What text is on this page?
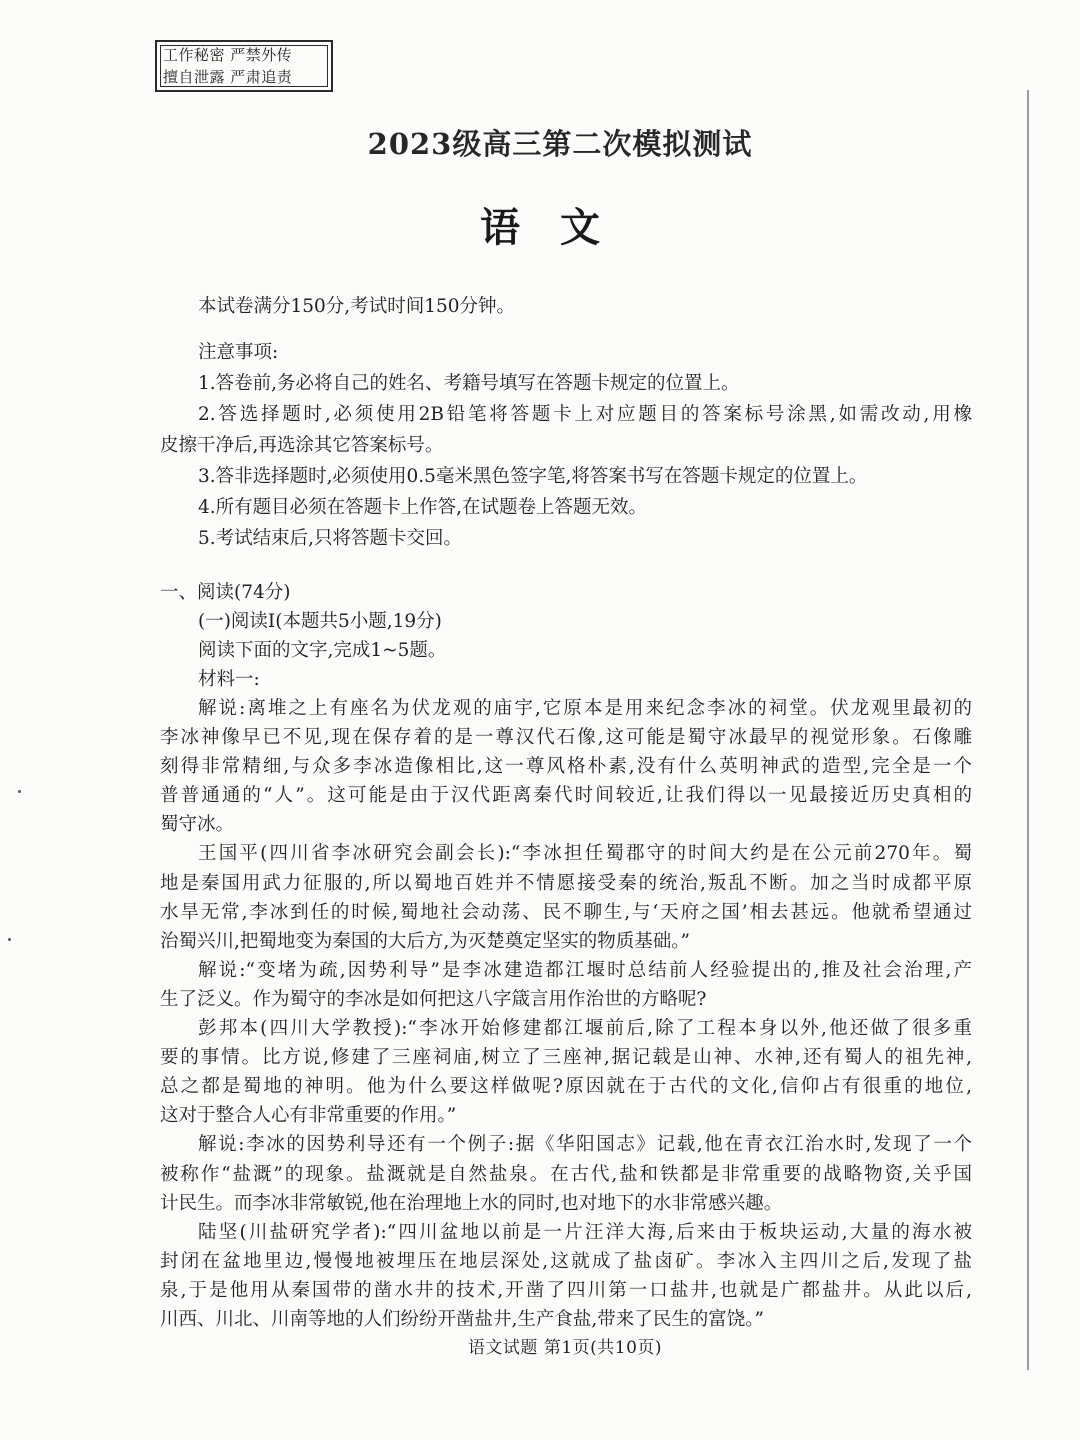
工作秘密 严禁外传
擅自泄露 严肃追责
2023级高三第二次模拟测试
语文
本试卷满分150分,考试时间150分钟。
注意事项:
1.答卷前,务必将自己的姓名、考籍号填写在答题卡规定的位置上。
2.答选择题时,必须使用2B铅笔将答题卡上对应题目的答案标号涂黑,如需改动,用橡
皮擦干净后,再选涂其它答案标号。
3.答非选择题时,必须使用0.5毫米黑色签字笔,将答案书写在答题卡规定的位置上。
4.所有题目必须在答题卡上作答,在试题卷上答题无效。
5.考试结束后,只将答题卡交回。
一、阅读(74分)
(一)阅读Ⅰ(本题共5小题,19分)
阅读下面的文字,完成1~5题。
材料一:
解说:离堆之上有座名为伏龙观的庙宇,它原本是用来纪念李冰的祠堂。伏龙观里最初的
李冰神像早已不见,现在保存着的是一尊汉代石像,这可能是蜀守冰最早的视觉形象。石像雕
刻得非常精细,与众多李冰造像相比,这一尊风格朴素,没有什么英明神武的造型,完全是一个
普普通通的“人”。这可能是由于汉代距离秦代时间较近,让我们得以一见最接近历史真相的
蜀守冰。
王国平(四川省李冰研究会副会长):“李冰担任蜀郡守的时间大约是在公元前270年。蜀
地是秦国用武力征服的,所以蜀地百姓并不情愿接受秦的统治,叛乱不断。加之当时成都平原
水旱无常,李冰到任的时候,蜀地社会动荡、民不聊生,与‘天府之国’相去甚远。他就希望通过
治蜀兴川,把蜀地变为秦国的大后方,为灭楚奠定坚实的物质基础。”
解说:“变堵为疏,因势利导”是李冰建造都江堰时总结前人经验提出的,推及社会治理,产
生了泛义。作为蜀守的李冰是如何把这八字箴言用作治世的方略呢?
彭邦本(四川大学教授):“李冰开始修建都江堰前后,除了工程本身以外,他还做了很多重
要的事情。比方说,修建了三座祠庙,树立了三座神,据记载是山神、水神,还有蜀人的祖先神,
总之都是蜀地的神明。他为什么要这样做呢?原因就在于古代的文化,信仰占有很重的地位,
这对于整合人心有非常重要的作用。”
解说:李冰的因势利导还有一个例子:据《华阳国志》记载,他在青衣江治水时,发现了一个
被称作“盐溉”的现象。盐溉就是自然盐泉。在古代,盐和铁都是非常重要的战略物资,关乎国
计民生。而李冰非常敏锐,他在治理地上水的同时,也对地下的水非常感兴趣。
陆坚(川盐研究学者):“四川盆地以前是一片汪洋大海,后来由于板块运动,大量的海水被
封闭在盆地里边,慢慢地被埋压在地层深处,这就成了盐卤矿。李冰入主四川之后,发现了盐
泉,于是他用从秦国带的凿水井的技术,开凿了四川第一口盐井,也就是广都盐井。从此以后,
川西、川北、川南等地的人们纷纷开凿盐井,生产食盐,带来了民生的富饶。”
语文试题 第1页(共10页)
